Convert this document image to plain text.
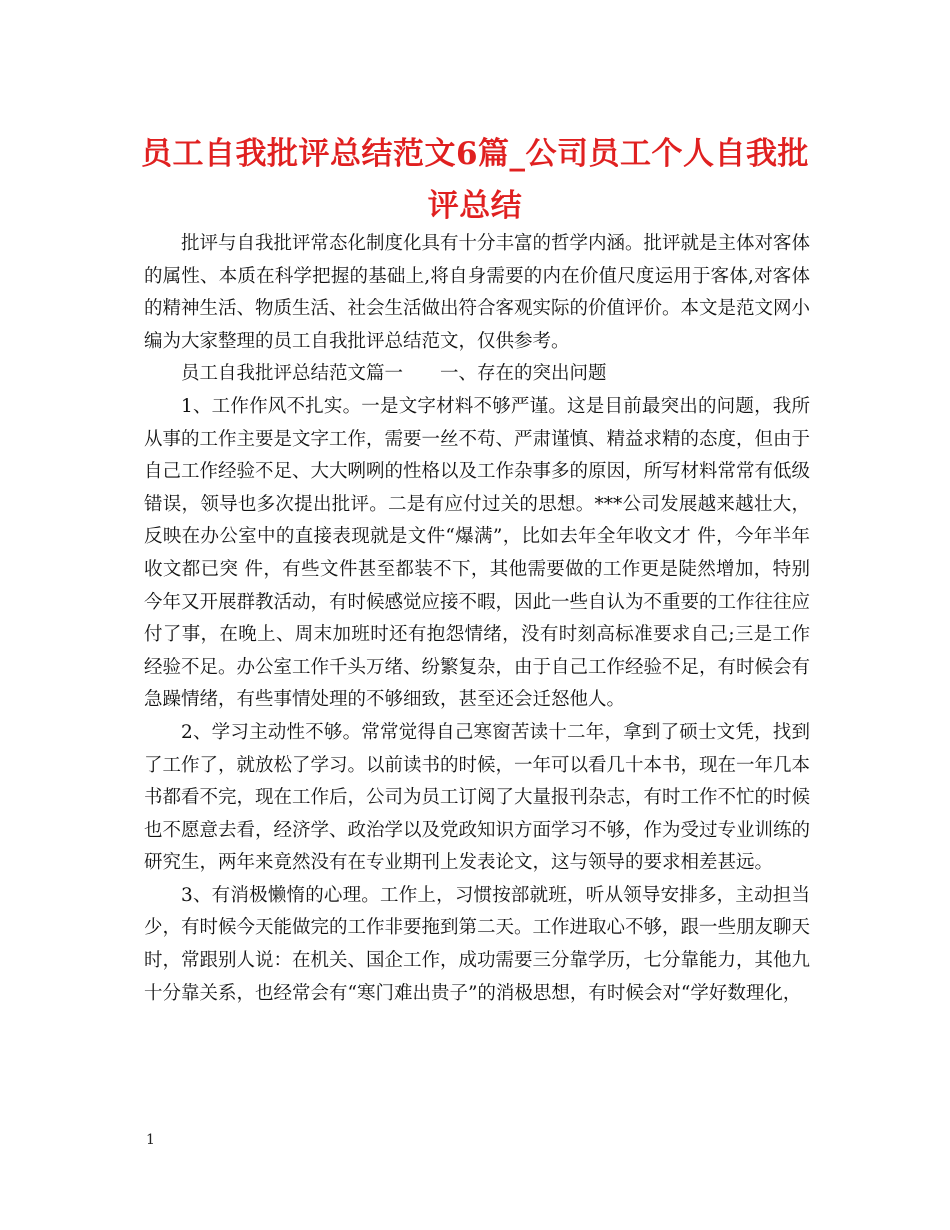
员工自我批评总结范文6篇_公司员工个人自我批评总结

批评与自我批评常态化制度化具有十分丰富的哲学内涵。批评就是主体对客体的属性、本质在科学把握的基础上,将自身需要的内在价值尺度运用于客体,对客体的精神生活、物质生活、社会生活做出符合客观实际的价值评价。本文是范文网小编为大家整理的员工自我批评总结范文，仅供参考。

员工自我批评总结范文篇一　　一、存在的突出问题

1、工作作风不扎实。一是文字材料不够严谨。这是目前最突出的问题，我所从事的工作主要是文字工作，需要一丝不苟、严肃谨慎、精益求精的态度，但由于自己工作经验不足、大大咧咧的性格以及工作杂事多的原因，所写材料常常有低级错误，领导也多次提出批评。二是有应付过关的思想。***公司发展越来越壮大，反映在办公室中的直接表现就是文件“爆满”，比如去年全年收文才 件，今年半年收文都已突 件，有些文件甚至都装不下，其他需要做的工作更是陡然增加，特别今年又开展群教活动，有时候感觉应接不暇，因此一些自认为不重要的工作往往应付了事，在晚上、周末加班时还有抱怨情绪，没有时刻高标准要求自己;三是工作经验不足。办公室工作千头万绪、纷繁复杂，由于自己工作经验不足，有时候会有急躁情绪，有些事情处理的不够细致，甚至还会迁怒他人。

2、学习主动性不够。常常觉得自己寒窗苦读十二年，拿到了硕士文凭，找到了工作了，就放松了学习。以前读书的时候，一年可以看几十本书，现在一年几本书都看不完，现在工作后，公司为员工订阅了大量报刊杂志，有时工作不忙的时候也不愿意去看，经济学、政治学以及党政知识方面学习不够，作为受过专业训练的研究生，两年来竟然没有在专业期刊上发表论文，这与领导的要求相差甚远。

3、有消极懒惰的心理。工作上，习惯按部就班，听从领导安排多，主动担当少，有时候今天能做完的工作非要拖到第二天。工作进取心不够，跟一些朋友聊天时，常跟别人说：在机关、国企工作，成功需要三分靠学历，七分靠能力，其他九十分靠关系，也经常会有“寒门难出贵子”的消极思想，有时候会对“学好数理化，

1
